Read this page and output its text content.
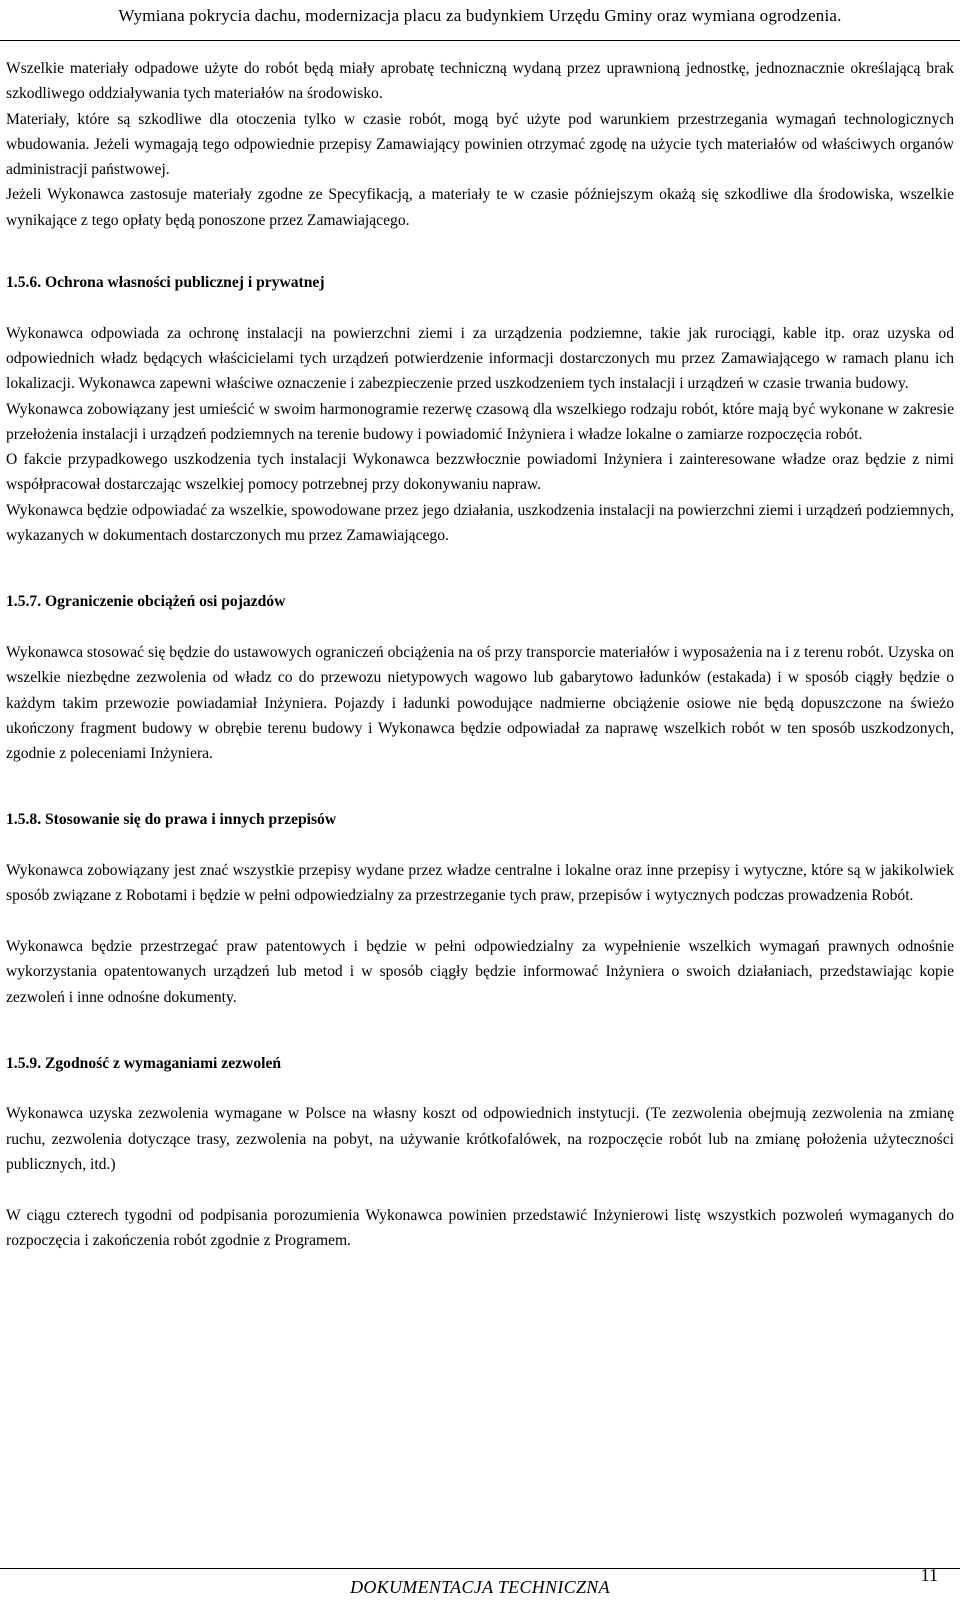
Wymiana pokrycia dachu, modernizacja placu za budynkiem Urzędu Gminy oraz wymiana ogrodzenia.

Wszelkie materiały odpadowe użyte do robót będą miały aprobatę techniczną wydaną przez uprawnioną jednostkę, jednoznacznie określającą brak szkodliwego oddziaływania tych materiałów na środowisko.

Materiały, które są szkodliwe dla otoczenia tylko w czasie robót, mogą być użyte pod warunkiem przestrzegania wymagań technologicznych wbudowania. Jeżeli wymagają tego odpowiednie przepisy Zamawiający powinien otrzymać zgodę na użycie tych materiałów od właściwych organów administracji państwowej.

Jeżeli Wykonawca zastosuje materiały zgodne ze Specyfikacją, a materiały te w czasie późniejszym okażą się szkodliwe dla środowiska, wszelkie wynikające z tego opłaty będą ponoszone przez Zamawiającego.

1.5.6. Ochrona własności publicznej i prywatnej

Wykonawca odpowiada za ochronę instalacji na powierzchni ziemi i za urządzenia podziemne, takie jak rurociągi, kable itp. oraz uzyska od odpowiednich władz będących właścicielami tych urządzeń potwierdzenie informacji dostarczonych mu przez Zamawiającego w ramach planu ich lokalizacji. Wykonawca zapewni właściwe oznaczenie i zabezpieczenie przed uszkodzeniem tych instalacji i urządzeń w czasie trwania budowy.

Wykonawca zobowiązany jest umieścić w swoim harmonogramie rezerwę czasową dla wszelkiego rodzaju robót, które mają być wykonane w zakresie przełożenia instalacji i urządzeń podziemnych na terenie budowy i powiadomić Inżyniera i władze lokalne o zamiarze rozpoczęcia robót.

O fakcie przypadkowego uszkodzenia tych instalacji Wykonawca bezzwłocznie powiadomi Inżyniera i zainteresowane władze oraz będzie z nimi współpracował dostarczając wszelkiej pomocy potrzebnej przy dokonywaniu napraw.

Wykonawca będzie odpowiadać za wszelkie, spowodowane przez jego działania, uszkodzenia instalacji na powierzchni ziemi i urządzeń podziemnych, wykazanych w dokumentach dostarczonych mu przez Zamawiającego.

1.5.7. Ograniczenie obciążeń osi pojazdów

Wykonawca stosować się będzie do ustawowych ograniczeń obciążenia na oś przy transporcie materiałów i wyposażenia na i z terenu robót. Uzyska on wszelkie niezbędne zezwolenia od władz co do przewozu nietypowych wagowo lub gabarytowo ładunków (estakada) i w sposób ciągły będzie o każdym takim przewozie powiadamiał Inżyniera. Pojazdy i ładunki powodujące nadmierne obciążenie osiowe nie będą dopuszczone na świeżo ukończony fragment budowy w obrębie terenu budowy i Wykonawca będzie odpowiadał za naprawę wszelkich robót w ten sposób uszkodzonych, zgodnie z poleceniami Inżyniera.

1.5.8. Stosowanie się do prawa i innych przepisów

Wykonawca zobowiązany jest znać wszystkie przepisy wydane przez władze centralne i lokalne oraz inne przepisy i wytyczne, które są w jakikolwiek sposób związane z Robotami i będzie w pełni odpowiedzialny za przestrzeganie tych praw, przepisów i wytycznych podczas prowadzenia Robót.

Wykonawca będzie przestrzegać praw patentowych i będzie w pełni odpowiedzialny za wypełnienie wszelkich wymagań prawnych odnośnie wykorzystania opatentowanych urządzeń lub metod i w sposób ciągły będzie informować Inżyniera o swoich działaniach, przedstawiając kopie zezwoleń i inne odnośne dokumenty.

1.5.9. Zgodność z wymaganiami zezwoleń

Wykonawca uzyska zezwolenia wymagane w Polsce na własny koszt od odpowiednich instytucji. (Te zezwolenia obejmują zezwolenia na zmianę ruchu, zezwolenia dotyczące trasy, zezwolenia na pobyt, na używanie krótkofalówek, na rozpoczęcie robót lub na zmianę położenia użyteczności publicznych, itd.)

W ciągu czterech tygodni od podpisania porozumienia Wykonawca powinien przedstawić Inżynierowi listę wszystkich pozwoleń wymaganych do rozpoczęcia i zakończenia robót zgodnie z Programem.

DOKUMENTACJA TECHNICZNA
11
